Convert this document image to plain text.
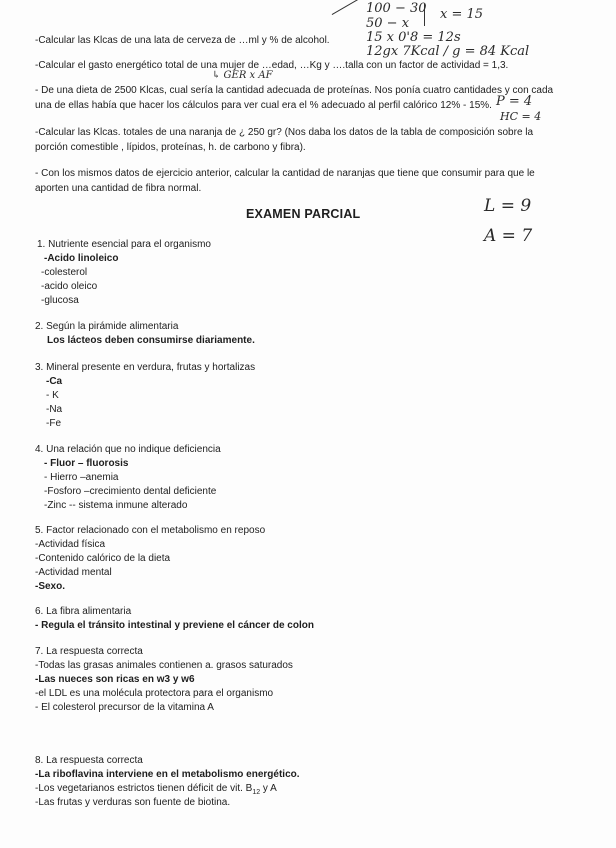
100 − 30
50 − x
x = 15
15 x 0'8 = 12s
12gx 7Kcal / g = 84 Kcal
↳ GER x AF
P = 4
HC = 4
L = 9
A = 7
-Calcular las Klcas de una lata de cerveza de …ml y % de alcohol.
-Calcular el gasto energético total de una mujer de …edad, …Kg y ….talla con un factor de actividad = 1,3.
- De una dieta de 2500 Klcas, cual sería la cantidad adecuada de proteínas. Nos ponía cuatro cantidades y con cada
una de ellas había que hacer los cálculos para ver cual era el % adecuado al perfil calórico 12% - 15%.
-Calcular las Klcas. totales de una naranja de ¿ 250 gr? (Nos daba los datos de la tabla de composición sobre la
porción comestible , lípidos, proteínas, h. de carbono y fibra).
- Con los mismos datos de ejercicio anterior, calcular la cantidad de naranjas que tiene que consumir para que le
aporten una cantidad de fibra normal.
EXAMEN PARCIAL
1. Nutriente esencial para el organismo
-Acido linoleico
-colesterol
-acido oleico
-glucosa
2. Según la pirámide alimentaria
Los lácteos deben consumirse diariamente.
3. Mineral presente en verdura, frutas y hortalizas
-Ca
- K
-Na
-Fe
4. Una relación que no indique deficiencia
- Fluor – fluorosis
- Hierro –anemia
-Fosforo –crecimiento dental deficiente
-Zinc -- sistema inmune alterado
5. Factor relacionado con el metabolismo en reposo
-Actividad física
-Contenido calórico de la dieta
-Actividad mental
-Sexo.
6. La fibra alimentaria
- Regula el tránsito intestinal y previene el cáncer de colon
7. La respuesta correcta
-Todas las grasas animales contienen a. grasos saturados
-Las nueces son ricas en w3 y w6
-el LDL es una molécula protectora para el organismo
- El colesterol precursor de la vitamina A
8. La respuesta correcta
-La riboflavina interviene en el metabolismo energético.
-Los vegetarianos estrictos tienen déficit de vit. $B_{12}$ y A
-Las frutas y verduras son fuente de biotina.
